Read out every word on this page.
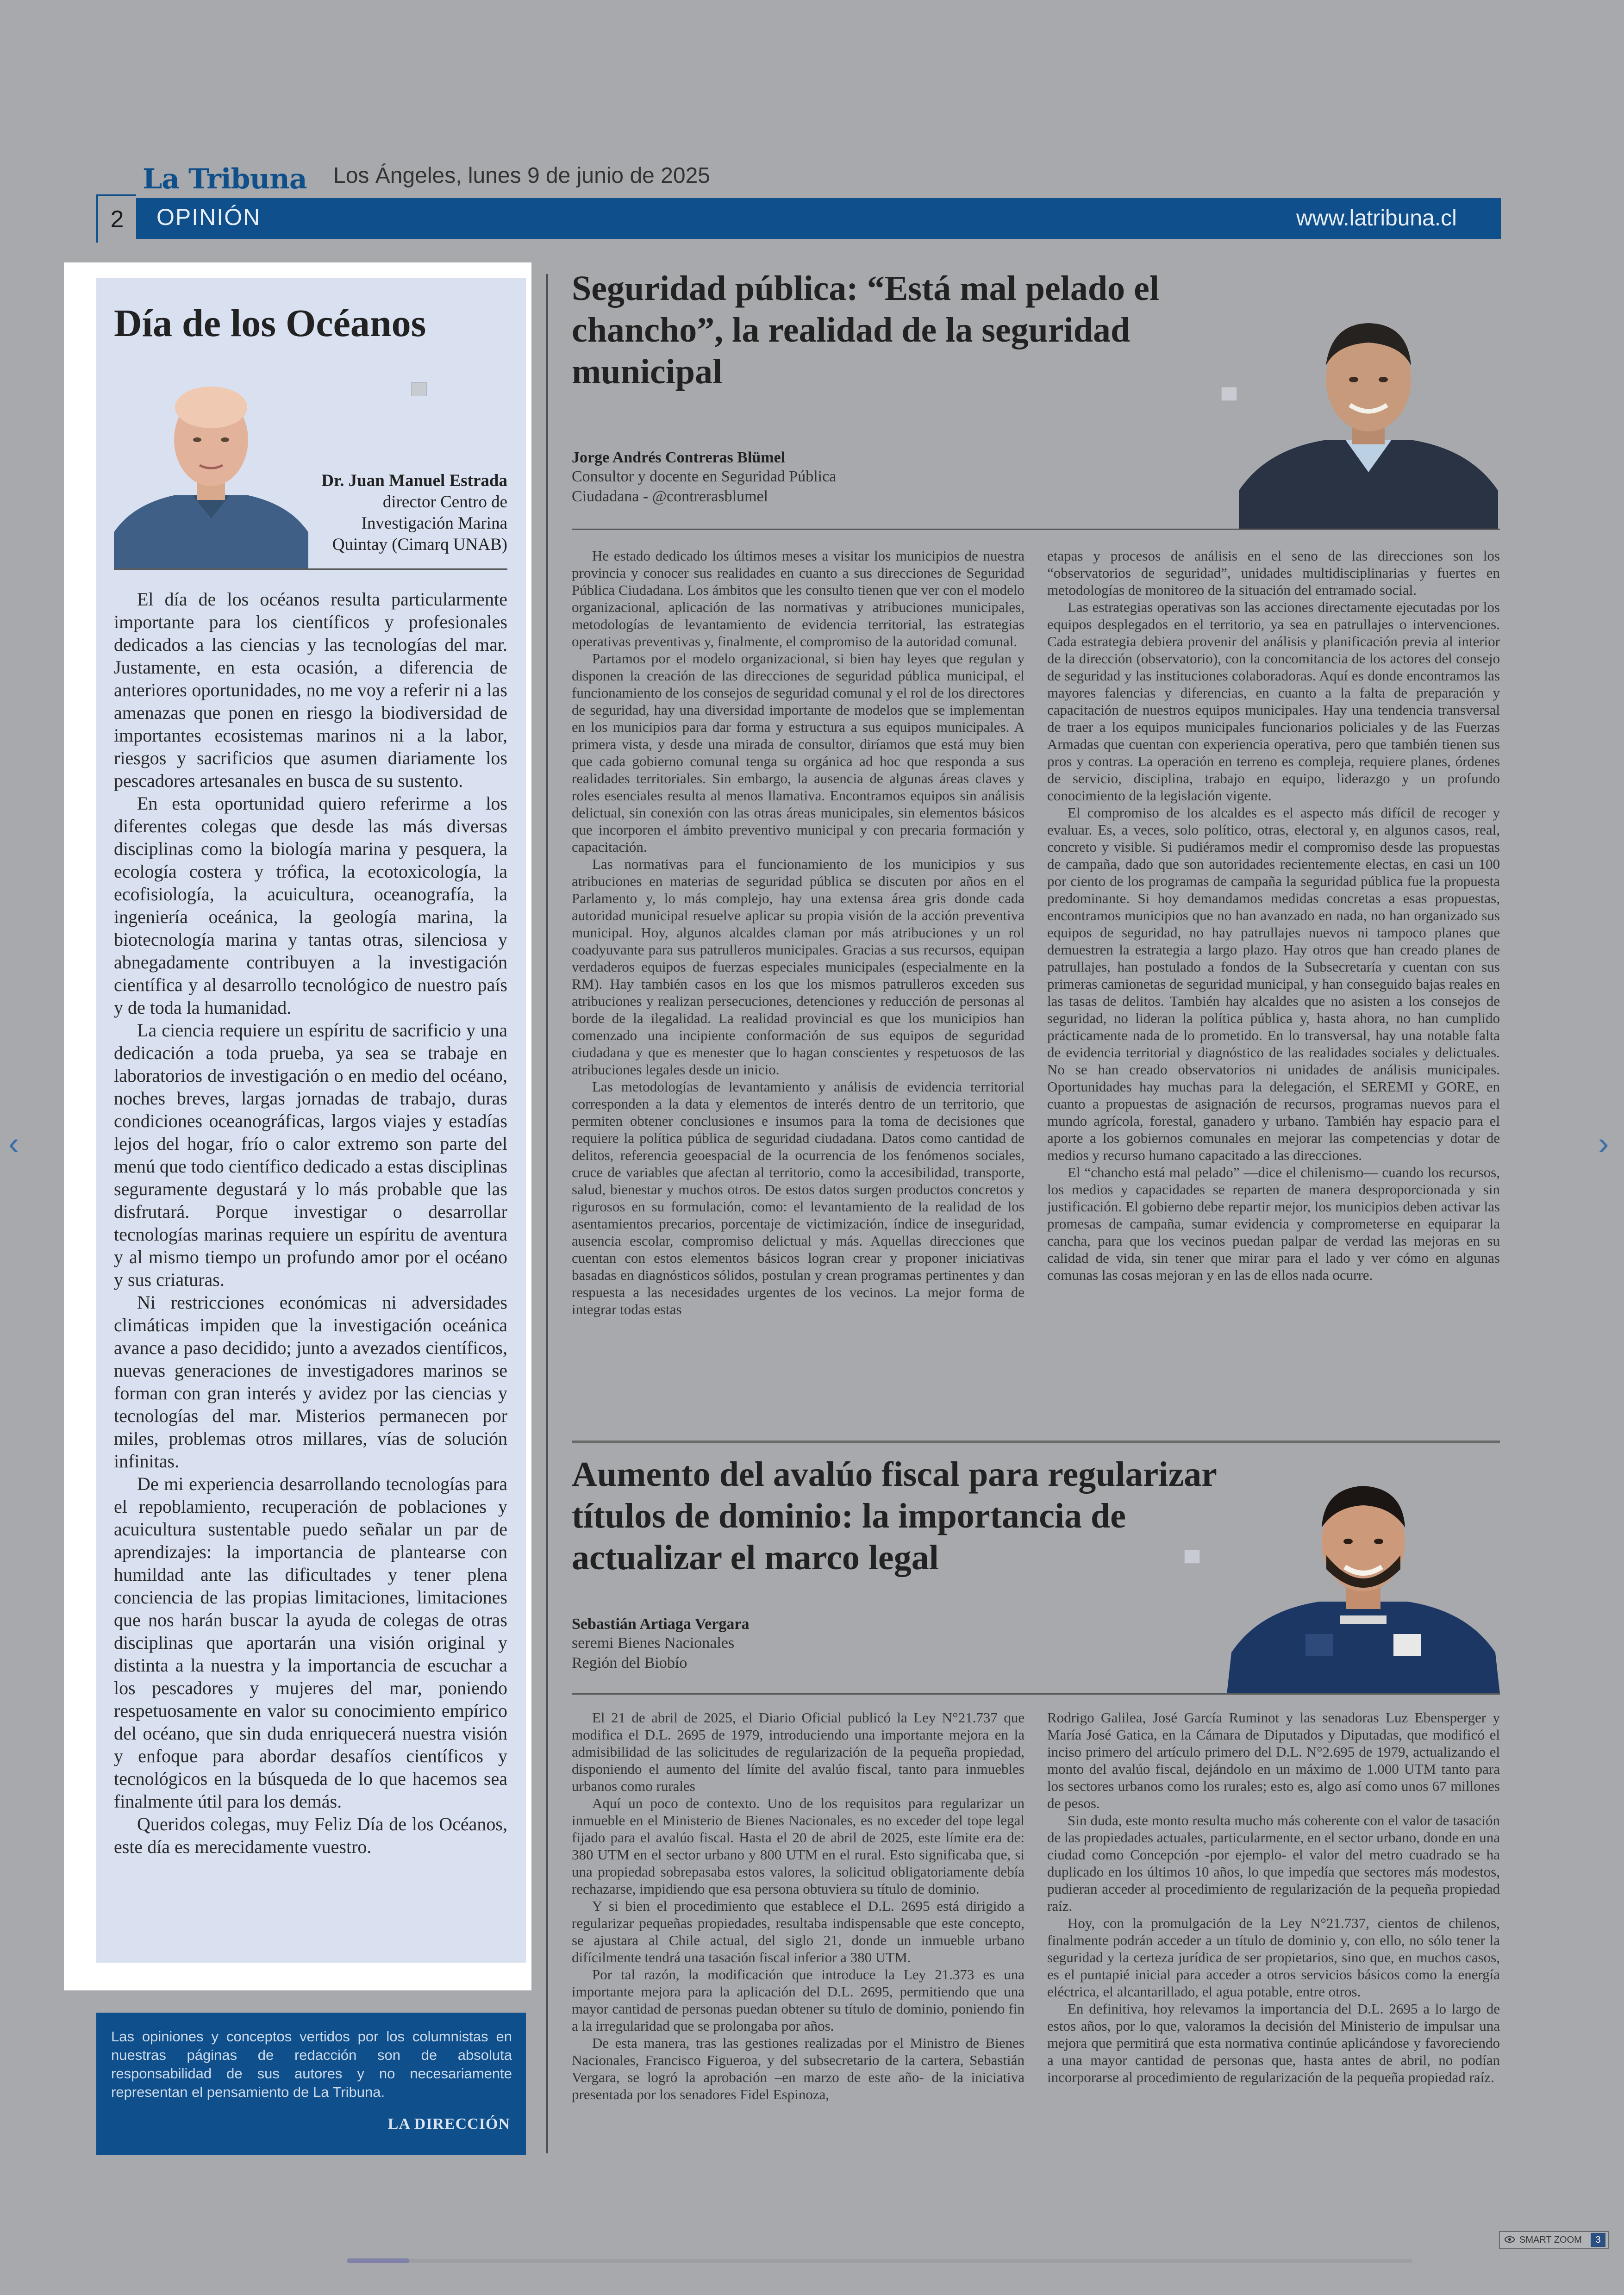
La Tribuna Los Ángeles, lunes 9 de junio de 2025
2	OPINIÓN	www.latribuna.cl
Día de los Océanos
Dr. Juan Manuel Estrada
director Centro de
Investigación Marina
Quintay (Cimarq UNAB)

El día de los océanos resulta particularmente importante para los científicos y profesionales dedicados a las ciencias y las tecnologías del mar. Justamente, en esta ocasión, a diferencia de anteriores oportunidades, no me voy a referir ni a las amenazas que ponen en riesgo la biodiversidad de importantes ecosistemas marinos ni a la labor, riesgos y sacrificios que asumen diariamente los pescadores artesanales en busca de su sustento.

En esta oportunidad quiero referirme a los diferentes colegas que desde las más diversas disciplinas como la biología marina y pesquera, la ecología costera y trófica, la ecotoxicología, la ecofisiología, la acuicultura, oceanografía, la ingeniería oceánica, la geología marina, la biotecnología marina y tantas otras, silenciosa y abnegadamente contribuyen a la investigación científica y al desarrollo tecnológico de nuestro país y de toda la humanidad.

La ciencia requiere un espíritu de sacrificio y una dedicación a toda prueba, ya sea se trabaje en laboratorios de investigación o en medio del océano, noches breves, largas jornadas de trabajo, duras condiciones oceanográficas, largos viajes y estadías lejos del hogar, frío o calor extremo son parte del menú que todo científico dedicado a estas disciplinas seguramente degustará y lo más probable que las disfrutará. Porque investigar o desarrollar tecnologías marinas requiere un espíritu de aventura y al mismo tiempo un profundo amor por el océano y sus criaturas.

Ni restricciones económicas ni adversidades climáticas impiden que la investigación oceánica avance a paso decidido; junto a avezados científicos, nuevas generaciones de investigadores marinos se forman con gran interés y avidez por las ciencias y tecnologías del mar. Misterios permanecen por miles, problemas otros millares, vías de solución infinitas.

De mi experiencia desarrollando tecnologías para el repoblamiento, recuperación de poblaciones y acuicultura sustentable puedo señalar un par de aprendizajes: la importancia de plantearse con humildad ante las dificultades y tener plena conciencia de las propias limitaciones, limitaciones que nos harán buscar la ayuda de colegas de otras disciplinas que aportarán una visión original y distinta a la nuestra y la importancia de escuchar a los pescadores y mujeres del mar, poniendo respetuosamente en valor su conocimiento empírico del océano, que sin duda enriquecerá nuestra visión y enfoque para abordar desafíos científicos y tecnológicos en la búsqueda de lo que hacemos sea finalmente útil para los demás.

Queridos colegas, muy Feliz Día de los Océanos, este día es merecidamente vuestro.

Las opiniones y conceptos vertidos por los columnistas en nuestras páginas de redacción son de absoluta responsabilidad de sus autores y no necesariamente representan el pensamiento de La Tribuna.
LA DIRECCIÓN
Seguridad pública: “Está mal pelado el chancho”, la realidad de la seguridad municipal
Jorge Andrés Contreras Blümel
Consultor y docente en Seguridad Pública
Ciudadana - @contrerasblumel

He estado dedicado los últimos meses a visitar los municipios de nuestra provincia y conocer sus realidades en cuanto a sus direcciones de Seguridad Pública Ciudadana. Los ámbitos que les consulto tienen que ver con el modelo organizacional, aplicación de las normativas y atribuciones municipales, metodologías de levantamiento de evidencia territorial, las estrategias operativas preventivas y, finalmente, el compromiso de la autoridad comunal.

Partamos por el modelo organizacional, si bien hay leyes que regulan y disponen la creación de las direcciones de seguridad pública municipal, el funcionamiento de los consejos de seguridad comunal y el rol de los directores de seguridad, hay una diversidad importante de modelos que se implementan en los municipios para dar forma y estructura a sus equipos municipales. A primera vista, y desde una mirada de consultor, diríamos que está muy bien que cada gobierno comunal tenga su orgánica ad hoc que responda a sus realidades territoriales. Sin embargo, la ausencia de algunas áreas claves y roles esenciales resulta al menos llamativa. Encontramos equipos sin análisis delictual, sin conexión con las otras áreas municipales, sin elementos básicos que incorporen el ámbito preventivo municipal y con precaria formación y capacitación.

Las normativas para el funcionamiento de los municipios y sus atribuciones en materias de seguridad pública se discuten por años en el Parlamento y, lo más complejo, hay una extensa área gris donde cada autoridad municipal resuelve aplicar su propia visión de la acción preventiva municipal. Hoy, algunos alcaldes claman por más atribuciones y un rol coadyuvante para sus patrulleros municipales. Gracias a sus recursos, equipan verdaderos equipos de fuerzas especiales municipales (especialmente en la RM). Hay también casos en los que los mismos patrulleros exceden sus atribuciones y realizan persecuciones, detenciones y reducción de personas al borde de la ilegalidad. La realidad provincial es que los municipios han comenzado una incipiente conformación de sus equipos de seguridad ciudadana y que es menester que lo hagan conscientes y respetuosos de las atribuciones legales desde un inicio.

Las metodologías de levantamiento y análisis de evidencia territorial corresponden a la data y elementos de interés dentro de un territorio, que permiten obtener conclusiones e insumos para la toma de decisiones que requiere la política pública de seguridad ciudadana. Datos como cantidad de delitos, referencia geoespacial de la ocurrencia de los fenómenos sociales, cruce de variables que afectan al territorio, como la accesibilidad, transporte, salud, bienestar y muchos otros. De estos datos surgen productos concretos y rigurosos en su formulación, como: el levantamiento de la realidad de los asentamientos precarios, porcentaje de victimización, índice de inseguridad, ausencia escolar, compromiso delictual y más. Aquellas direcciones que cuentan con estos elementos básicos logran crear y proponer iniciativas basadas en diagnósticos sólidos, postulan y crean programas pertinentes y dan respuesta a las necesidades urgentes de los vecinos. La mejor forma de integrar todas estas

etapas y procesos de análisis en el seno de las direcciones son los “observatorios de seguridad”, unidades multidisciplinarias y fuertes en metodologías de monitoreo de la situación del entramado social.

Las estrategias operativas son las acciones directamente ejecutadas por los equipos desplegados en el territorio, ya sea en patrullajes o intervenciones. Cada estrategia debiera provenir del análisis y planificación previa al interior de la dirección (observatorio), con la concomitancia de los actores del consejo de seguridad y las instituciones colaboradoras. Aquí es donde encontramos las mayores falencias y diferencias, en cuanto a la falta de preparación y capacitación de nuestros equipos municipales. Hay una tendencia transversal de traer a los equipos municipales funcionarios policiales y de las Fuerzas Armadas que cuentan con experiencia operativa, pero que también tienen sus pros y contras. La operación en terreno es compleja, requiere planes, órdenes de servicio, disciplina, trabajo en equipo, liderazgo y un profundo conocimiento de la legislación vigente.

El compromiso de los alcaldes es el aspecto más difícil de recoger y evaluar. Es, a veces, solo político, otras, electoral y, en algunos casos, real, concreto y visible. Si pudiéramos medir el compromiso desde las propuestas de campaña, dado que son autoridades recientemente electas, en casi un 100 por ciento de los programas de campaña la seguridad pública fue la propuesta predominante. Si hoy demandamos medidas concretas a esas propuestas, encontramos municipios que no han avanzado en nada, no han organizado sus equipos de seguridad, no hay patrullajes nuevos ni tampoco planes que demuestren la estrategia a largo plazo. Hay otros que han creado planes de patrullajes, han postulado a fondos de la Subsecretaría y cuentan con sus primeras camionetas de seguridad municipal, y han conseguido bajas reales en las tasas de delitos. También hay alcaldes que no asisten a los consejos de seguridad, no lideran la política pública y, hasta ahora, no han cumplido prácticamente nada de lo prometido. En lo transversal, hay una notable falta de evidencia territorial y diagnóstico de las realidades sociales y delictuales. No se han creado observatorios ni unidades de análisis municipales. Oportunidades hay muchas para la delegación, el SEREMI y GORE, en cuanto a propuestas de asignación de recursos, programas nuevos para el mundo agrícola, forestal, ganadero y urbano. También hay espacio para el aporte a los gobiernos comunales en mejorar las competencias y dotar de medios y recurso humano capacitado a las direcciones.

El “chancho está mal pelado” —dice el chilenismo— cuando los recursos, los medios y capacidades se reparten de manera desproporcionada y sin justificación. El gobierno debe repartir mejor, los municipios deben activar las promesas de campaña, sumar evidencia y comprometerse en equiparar la cancha, para que los vecinos puedan palpar de verdad las mejoras en su calidad de vida, sin tener que mirar para el lado y ver cómo en algunas comunas las cosas mejoran y en las de ellos nada ocurre.

Aumento del avalúo fiscal para regularizar títulos de dominio: la importancia de actualizar el marco legal
Sebastián Artiaga Vergara
seremi Bienes Nacionales
Región del Biobío

El 21 de abril de 2025, el Diario Oficial publicó la Ley N°21.737 que modifica el D.L. 2695 de 1979, introduciendo una importante mejora en la admisibilidad de las solicitudes de regularización de la pequeña propiedad, disponiendo el aumento del límite del avalúo fiscal, tanto para inmuebles urbanos como rurales

Aquí un poco de contexto. Uno de los requisitos para regularizar un inmueble en el Ministerio de Bienes Nacionales, es no exceder del tope legal fijado para el avalúo fiscal. Hasta el 20 de abril de 2025, este límite era de: 380 UTM en el sector urbano y 800 UTM en el rural. Esto significaba que, si una propiedad sobrepasaba estos valores, la solicitud obligatoriamente debía rechazarse, impidiendo que esa persona obtuviera su título de dominio.

Y si bien el procedimiento que establece el D.L. 2695 está dirigido a regularizar pequeñas propiedades, resultaba indispensable que este concepto, se ajustara al Chile actual, del siglo 21, donde un inmueble urbano difícilmente tendrá una tasación fiscal inferior a 380 UTM.

Por tal razón, la modificación que introduce la Ley 21.373 es una importante mejora para la aplicación del D.L. 2695, permitiendo que una mayor cantidad de personas puedan obtener su título de dominio, poniendo fin a la irregularidad que se prolongaba por años.

De esta manera, tras las gestiones realizadas por el Ministro de Bienes Nacionales, Francisco Figueroa, y del subsecretario de la cartera, Sebastián Vergara, se logró la aprobación –en marzo de este año- de la iniciativa presentada por los senadores Fidel Espinoza,

Rodrigo Galilea, José García Ruminot y las senadoras Luz Ebensperger y María José Gatica, en la Cámara de Diputados y Diputadas, que modificó el inciso primero del artículo primero del D.L. N°2.695 de 1979, actualizando el monto del avalúo fiscal, dejándolo en un máximo de 1.000 UTM tanto para los sectores urbanos como los rurales; esto es, algo así como unos 67 millones de pesos.

Sin duda, este monto resulta mucho más coherente con el valor de tasación de las propiedades actuales, particularmente, en el sector urbano, donde en una ciudad como Concepción -por ejemplo- el valor del metro cuadrado se ha duplicado en los últimos 10 años, lo que impedía que sectores más modestos, pudieran acceder al procedimiento de regularización de la pequeña propiedad raíz.

Hoy, con la promulgación de la Ley N°21.737, cientos de chilenos, finalmente podrán acceder a un título de dominio y, con ello, no sólo tener la seguridad y la certeza jurídica de ser propietarios, sino que, en muchos casos, es el puntapié inicial para acceder a otros servicios básicos como la energía eléctrica, el alcantarillado, el agua potable, entre otros.

En definitiva, hoy relevamos la importancia del D.L. 2695 a lo largo de estos años, por lo que, valoramos la decisión del Ministerio de impulsar una mejora que permitirá que esta normativa continúe aplicándose y favoreciendo a una mayor cantidad de personas que, hasta antes de abril, no podían incorporarse al procedimiento de regularización de la pequeña propiedad raíz.

‹	›
SMART ZOOM	3
